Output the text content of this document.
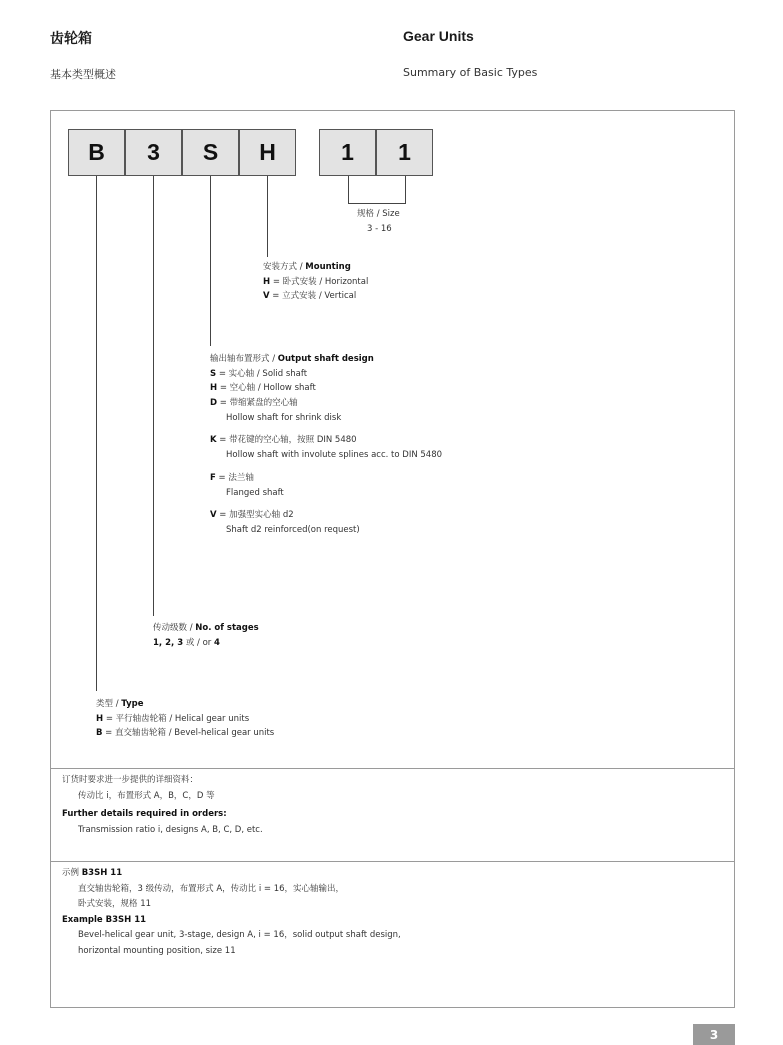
齿轮箱	Gear Units
基本类型概述	Summary of Basic Types
B	3	S	H	1	1
规格 / Size
3 - 16
安装方式 / Mounting
H = 卧式安装 / Horizontal
V = 立式安装 / Vertical
输出轴布置形式 / Output shaft design
S = 实心轴 / Solid shaft
H = 空心轴 / Hollow shaft
D = 带缩紧盘的空心轴
Hollow shaft for shrink disk
K = 带花键的空心轴，按照 DIN 5480
Hollow shaft with involute splines acc. to DIN 5480
F = 法兰轴
Flanged shaft
V = 加强型实心轴 d2
Shaft d2 reinforced(on request)
传动级数 / No. of stages
1, 2, 3 或 / or 4
类型 / Type
H = 平行轴齿轮箱 / Helical gear units
B = 直交轴齿轮箱 / Bevel-helical gear units
订货时要求进一步提供的详细资料：
传动比 i，布置形式 A，B，C，D 等
Further details required in orders:
Transmission ratio i, designs A, B, C, D, etc.
示例 B3SH 11
直交轴齿轮箱，3 级传动，布置形式 A，传动比 i = 16，实心轴输出，
卧式安装，规格 11
Example B3SH 11
Bevel-helical gear unit, 3-stage, design A, i = 16，solid output shaft design,
horizontal mounting position, size 11
3
